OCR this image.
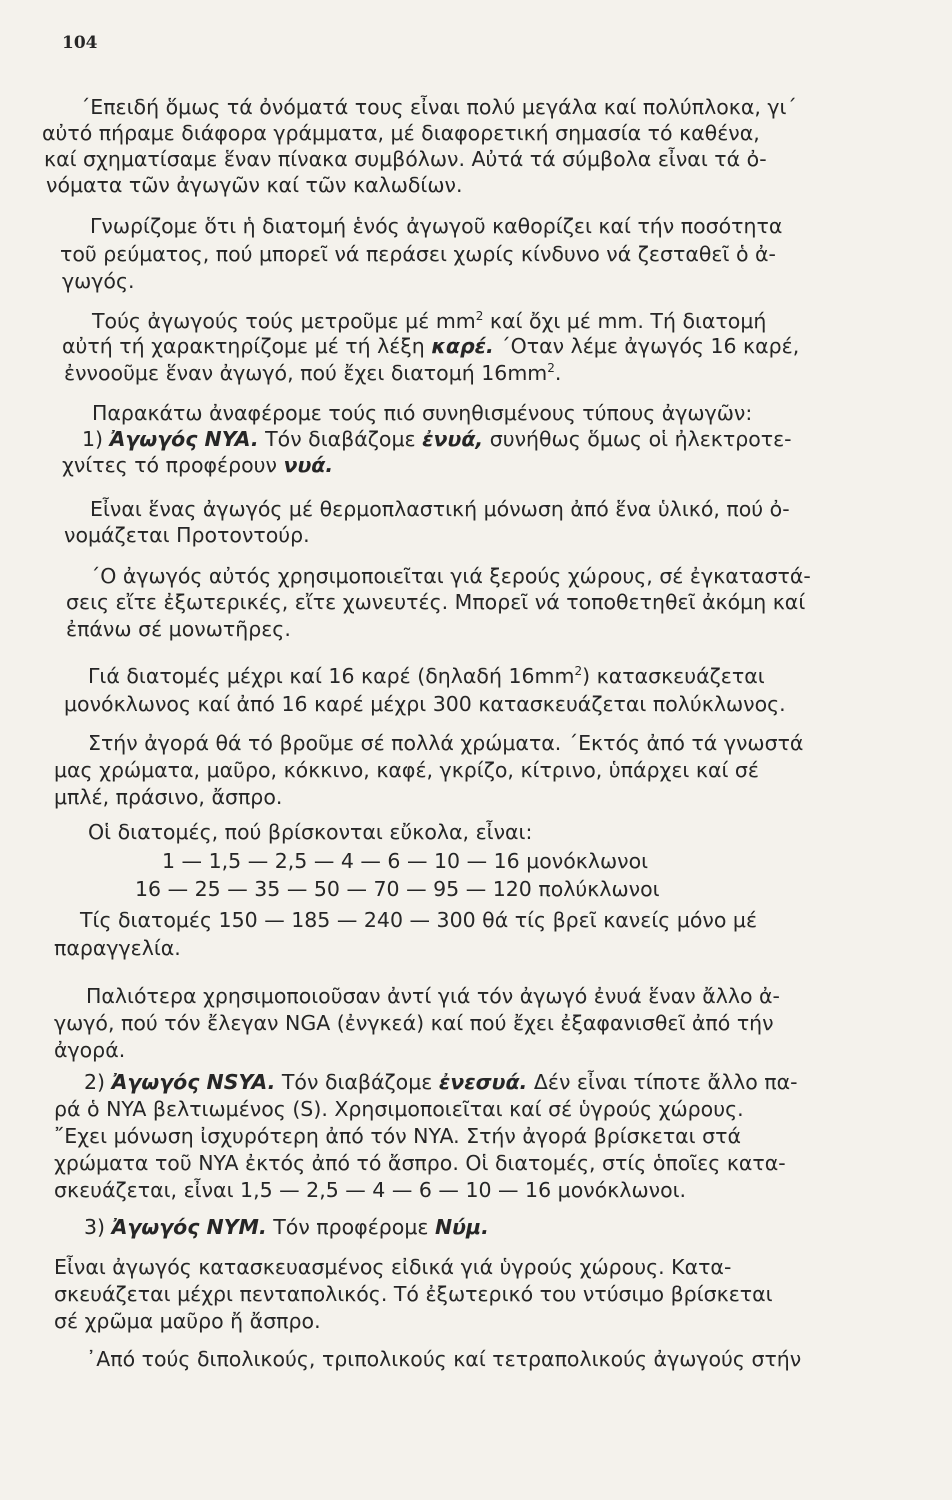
104
΄Επειδή ὅμως τά ὀνόματά τους εἶναι πολύ μεγάλα καί πολύπλοκα, γι΄
αὐτό πήραμε διάφορα γράμματα, μέ διαφορετική σημασία τό καθένα,
καί σχηματίσαμε ἕναν πίνακα συμβόλων. Αὐτά τά σύμβολα εἶναι τά ὀ-
νόματα τῶν ἀγωγῶν καί τῶν καλωδίων.
Γνωρίζομε ὅτι ἡ διατομή ἑνός ἀγωγοῦ καθορίζει καί τήν ποσότητα
τοῦ ρεύματος, πού μπορεῖ νά περάσει χωρίς κίνδυνο νά ζεσταθεῖ ὁ ἀ-
γωγός.
Τούς ἀγωγούς τούς μετροῦμε μέ $mm^2$ καί ὄχι μέ mm. Τή διατομή
αὐτή τή χαρακτηρίζομε μέ τή λέξη καρέ. ΄Οταν λέμε ἀγωγός 16 καρέ,
ἐννοοῦμε ἕναν ἀγωγό, πού ἔχει διατομή $16mm^2$.
Παρακάτω ἀναφέρομε τούς πιό συνηθισμένους τύπους ἀγωγῶν:
1) Ἀγωγός NYA. Τόν διαβάζομε ἐνυά, συνήθως ὅμως οἱ ἠλεκτροτε-
χνίτες τό προφέρουν νυά.
Εἶναι ἕνας ἀγωγός μέ θερμοπλαστική μόνωση ἀπό ἕνα ὑλικό, πού ὀ-
νομάζεται Προτοντούρ.
΄Ο ἀγωγός αὐτός χρησιμοποιεῖται γιά ξερούς χώρους, σέ ἐγκαταστά-
σεις εἴτε ἐξωτερικές, εἴτε χωνευτές. Μπορεῖ νά τοποθετηθεῖ ἀκόμη καί
ἐπάνω σέ μονωτῆρες.
Γιά διατομές μέχρι καί 16 καρέ (δηλαδή $16mm^2$) κατασκευάζεται
μονόκλωνος καί ἀπό 16 καρέ μέχρι 300 κατασκευάζεται πολύκλωνος.
Στήν ἀγορά θά τό βροῦμε σέ πολλά χρώματα. ΄Εκτός ἀπό τά γνωστά
μας χρώματα, μαῦρο, κόκκινο, καφέ, γκρίζο, κίτρινο, ὑπάρχει καί σέ
μπλέ, πράσινο, ἄσπρο.
Οἱ διατομές, πού βρίσκονται εὔκολα, εἶναι:
1 — 1,5 — 2,5 — 4 — 6 — 10 — 16 μονόκλωνοι
16 — 25 — 35 — 50 — 70 — 95 — 120 πολύκλωνοι
Τίς διατομές 150 — 185 — 240 — 300 θά τίς βρεῖ κανείς μόνο μέ
παραγγελία.
Παλιότερα χρησιμοποιοῦσαν ἀντί γιά τόν ἀγωγό ἐνυά ἕναν ἄλλο ἀ-
γωγό, πού τόν ἔλεγαν NGA (ἐνγκεά) καί πού ἔχει ἐξαφανισθεῖ ἀπό τήν
ἀγορά.
2) Ἀγωγός NSYA. Τόν διαβάζομε ἐνεσυά. Δέν εἶναι τίποτε ἄλλο πα-
ρά ὁ NYA βελτιωμένος (S). Χρησιμοποιεῖται καί σέ ὑγρούς χώρους.
῎Εχει μόνωση ἰσχυρότερη ἀπό τόν NYA. Στήν ἀγορά βρίσκεται στά
χρώματα τοῦ NYA ἐκτός ἀπό τό ἄσπρο. Οἱ διατομές, στίς ὁποῖες κατα-
σκευάζεται, εἶναι 1,5 — 2,5 — 4 — 6 — 10 — 16 μονόκλωνοι.
3) Ἀγωγός NYM. Τόν προφέρομε Νύμ.
Εἶναι ἀγωγός κατασκευασμένος εἰδικά γιά ὑγρούς χώρους. Κατα-
σκευάζεται μέχρι πενταπολικός. Τό ἐξωτερικό του ντύσιμο βρίσκεται
σέ χρῶμα μαῦρο ἤ ἄσπρο.
᾿Από τούς διπολικούς, τριπολικούς καί τετραπολικούς ἀγωγούς στήν
